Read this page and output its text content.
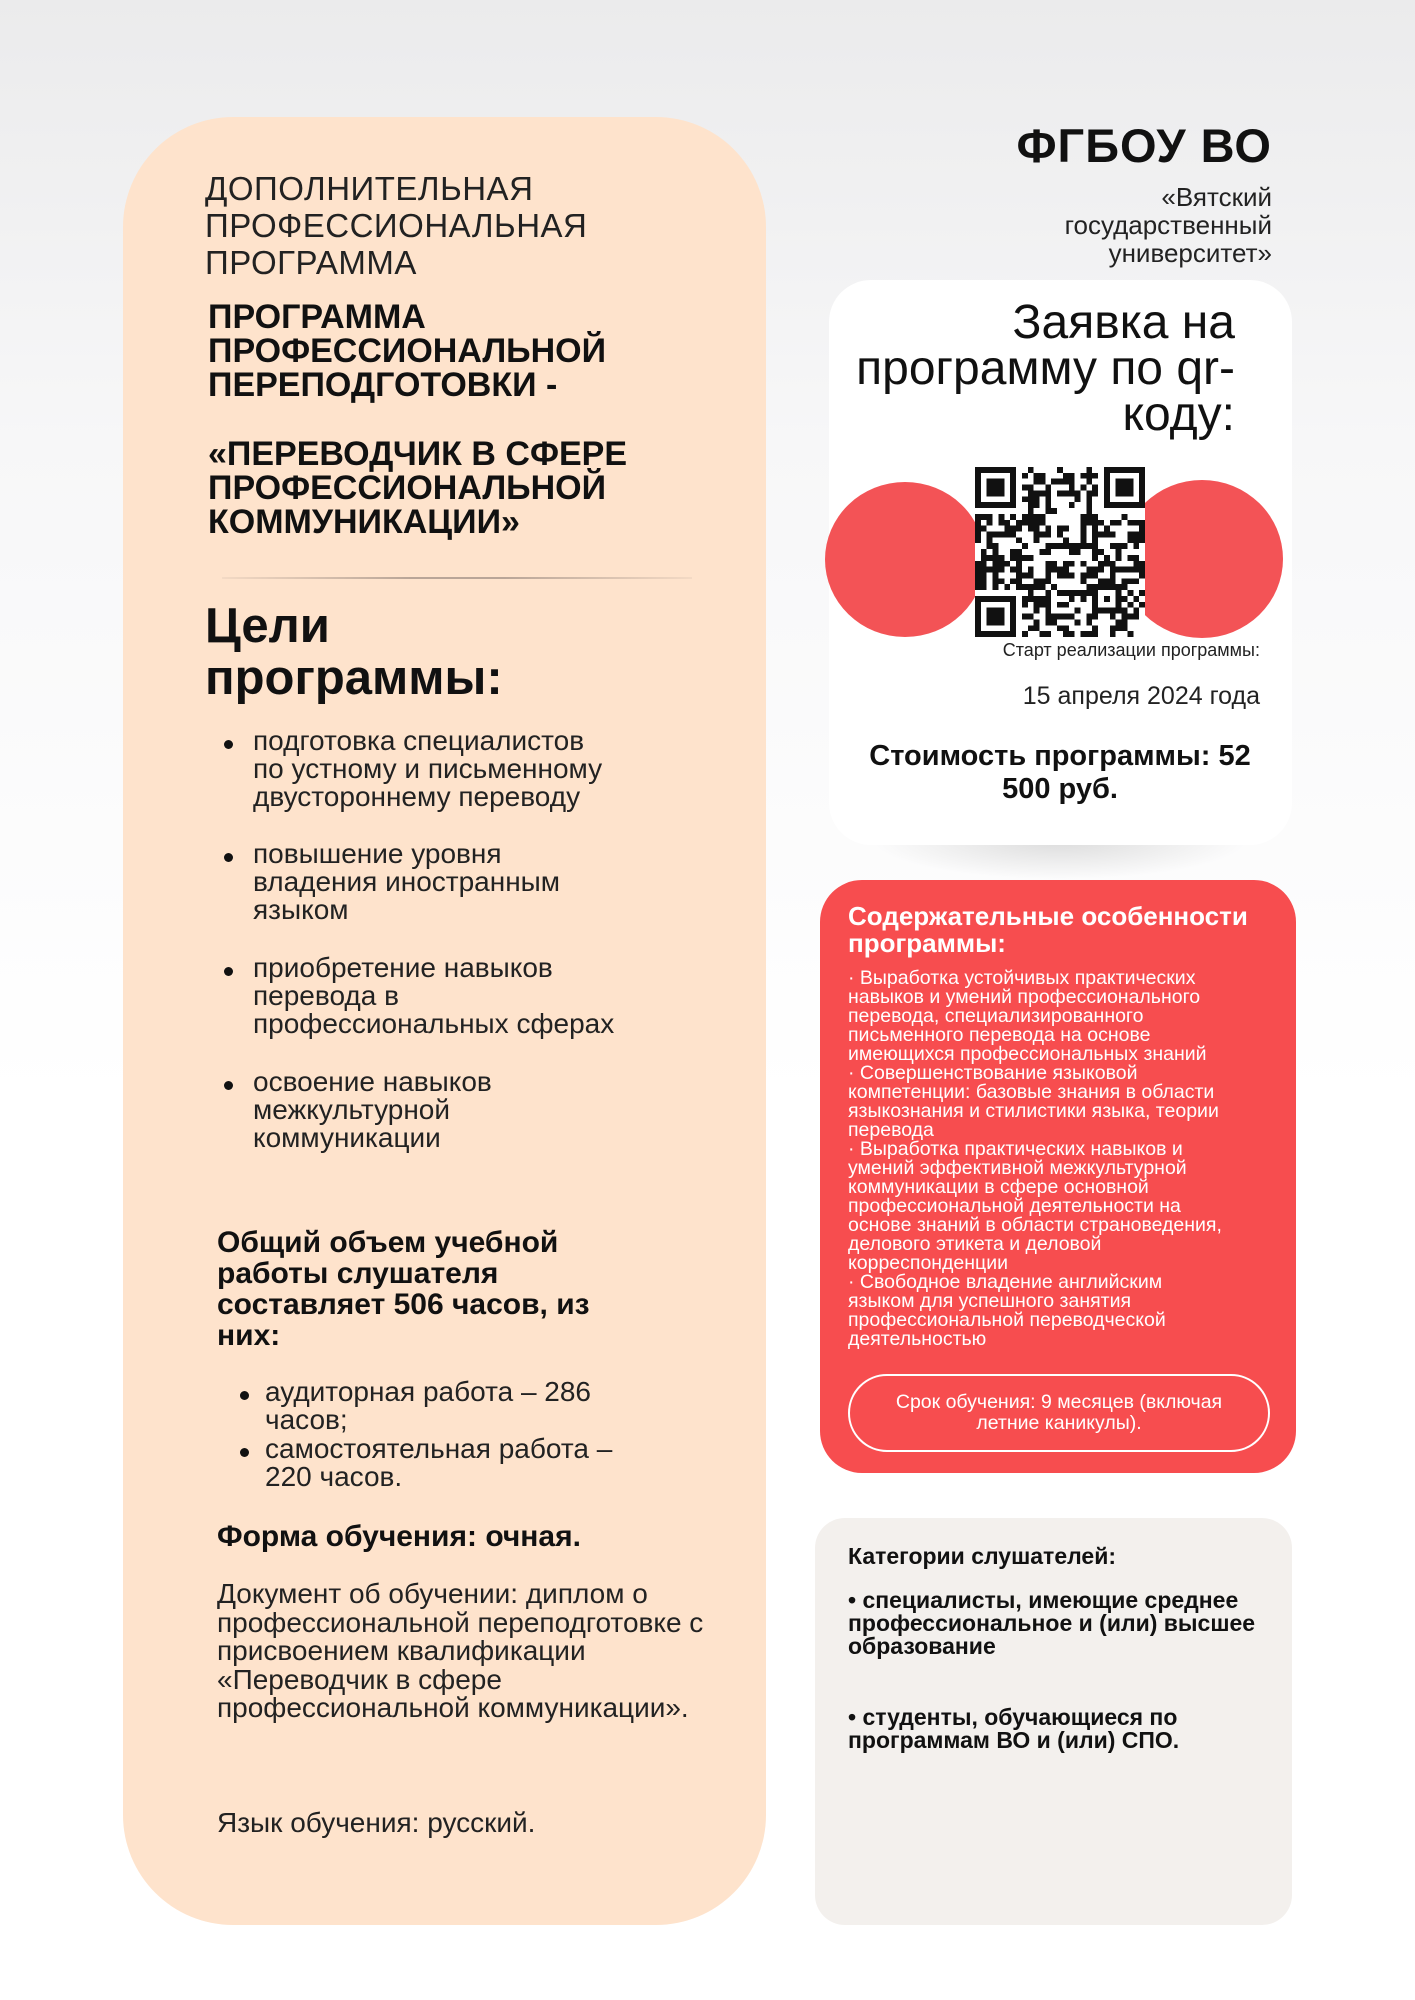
ДОПОЛНИТЕЛЬНАЯ ПРОФЕССИОНАЛЬНАЯ ПРОГРАММА

ПРОГРАММА ПРОФЕССИОНАЛЬНОЙ ПЕРЕПОДГОТОВКИ -

«ПЕРЕВОДЧИК В СФЕРЕ ПРОФЕССИОНАЛЬНОЙ КОММУНИКАЦИИ»

Цели программы:
подготовка специалистов
по устному и письменному
двустороннему переводу
повышение уровня
владения иностранным
языком
приобретение навыков
перевода в
профессиональных сферах
освоение навыков
межкультурной
коммуникации

Общий объем учебной работы слушателя составляет 506 часов, из них:

аудиторная работа – 286
часов;
самостоятельная работа –
220 часов.

Форма обучения: очная.

Документ об обучении: диплом о профессиональной переподготовке с присвоением квалификации «Переводчик в сфере профессиональной коммуникации».

Язык обучения: русский.

ФГБОУ ВО

«Вятский государственный университет»

Заявка на программу по qr-коду:

Старт реализации программы:

15 апреля 2024 года

Стоимость программы: 52 500 руб.

Содержательные особенности программы:

· Выработка устойчивых практических
навыков и умений профессионального
перевода, специализированного
письменного перевода на основе
имеющихся профессиональных знаний
· Совершенствование языковой
компетенции: базовые знания в области
языкознания и стилистики языка, теории
перевода
· Выработка практических навыков и
умений эффективной межкультурной
коммуникации в сфере основной
профессиональной деятельности на
основe знаний в области страноведения,
делового этикета и деловой
корреспонденции
· Свободное владение английским
языком для успешного занятия
профессиональной переводческой
деятельностью

Срок обучения: 9 месяцев (включая летние каникулы).

Категории слушателей:

• специалисты, имеющие среднее профессиональное и (или) высшее образование

• студенты, обучающиеся по программам ВО и (или) СПО.
